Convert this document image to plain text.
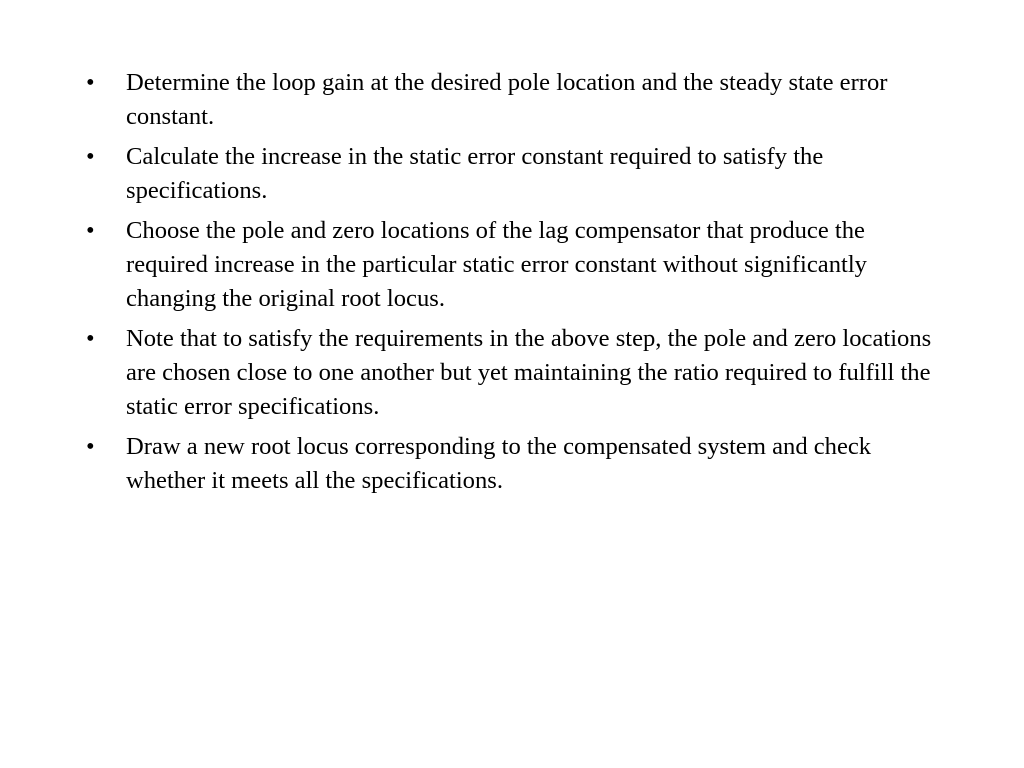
• Determine the loop gain at the desired pole location and the steady state error constant.
• Calculate the increase in the static error constant required to satisfy the specifications.
• Choose the pole and zero locations of the lag compensator that produce the required increase in the particular static error constant without significantly changing the original root locus.
• Note that to satisfy the requirements in the above step, the pole and zero locations are chosen close to one another but yet maintaining the ratio required to fulfill the static error specifications.
• Draw a new root locus corresponding to the compensated system and check whether it meets all the specifications.
